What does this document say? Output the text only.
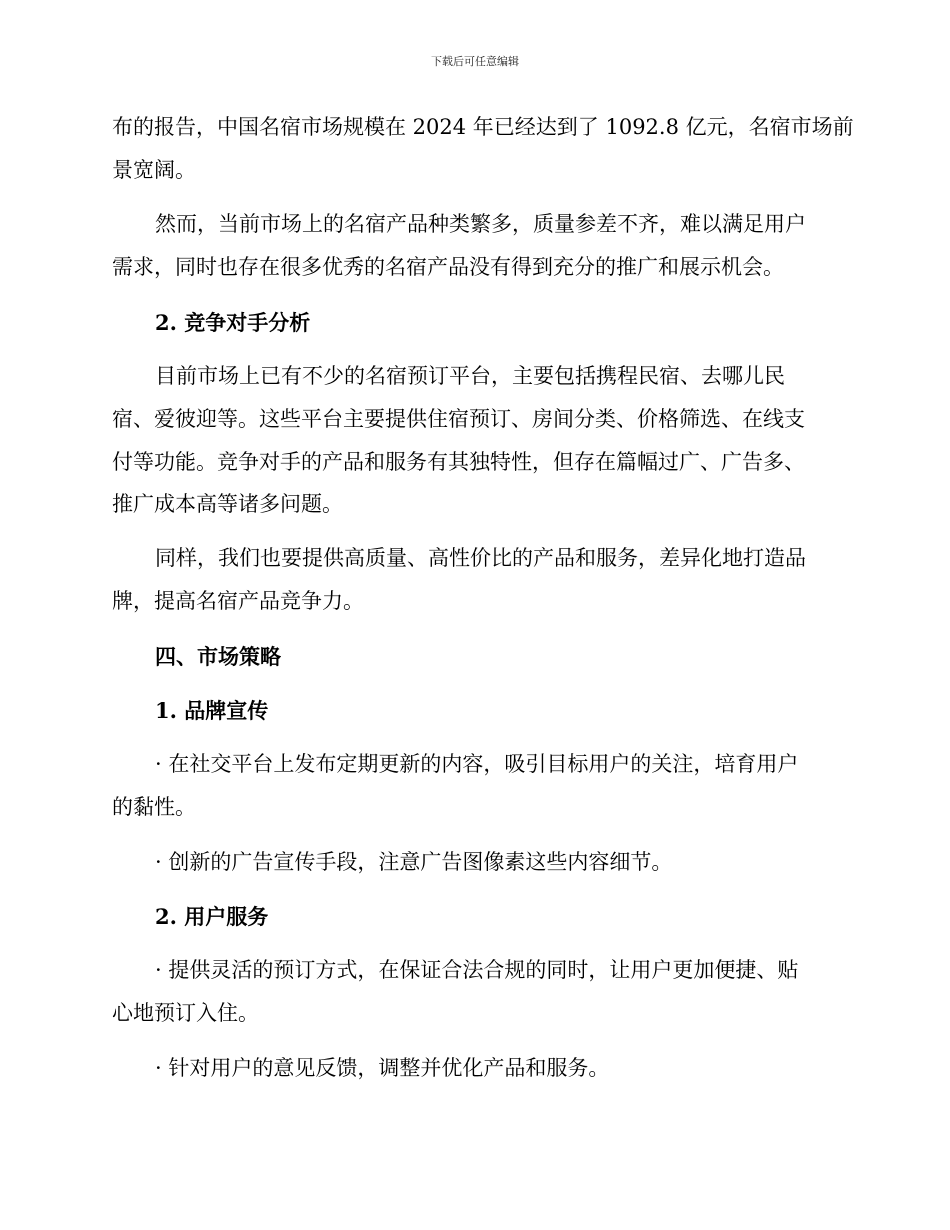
下载后可任意编辑
布的报告，中国名宿市场规模在 2024 年已经达到了 1092.8 亿元，名宿市场前
景宽阔。
然而，当前市场上的名宿产品种类繁多，质量参差不齐，难以满足用户
需求，同时也存在很多优秀的名宿产品没有得到充分的推广和展示机会。
2. 竞争对手分析
目前市场上已有不少的名宿预订平台，主要包括携程民宿、去哪儿民
宿、爱彼迎等。这些平台主要提供住宿预订、房间分类、价格筛选、在线支
付等功能。竞争对手的产品和服务有其独特性，但存在篇幅过广、广告多、
推广成本高等诸多问题。
同样，我们也要提供高质量、高性价比的产品和服务，差异化地打造品
牌，提高名宿产品竞争力。
四、市场策略
1. 品牌宣传
· 在社交平台上发布定期更新的内容，吸引目标用户的关注，培育用户
的黏性。
· 创新的广告宣传手段，注意广告图像素这些内容细节。
2. 用户服务
· 提供灵活的预订方式，在保证合法合规的同时，让用户更加便捷、贴
心地预订入住。
· 针对用户的意见反馈，调整并优化产品和服务。
